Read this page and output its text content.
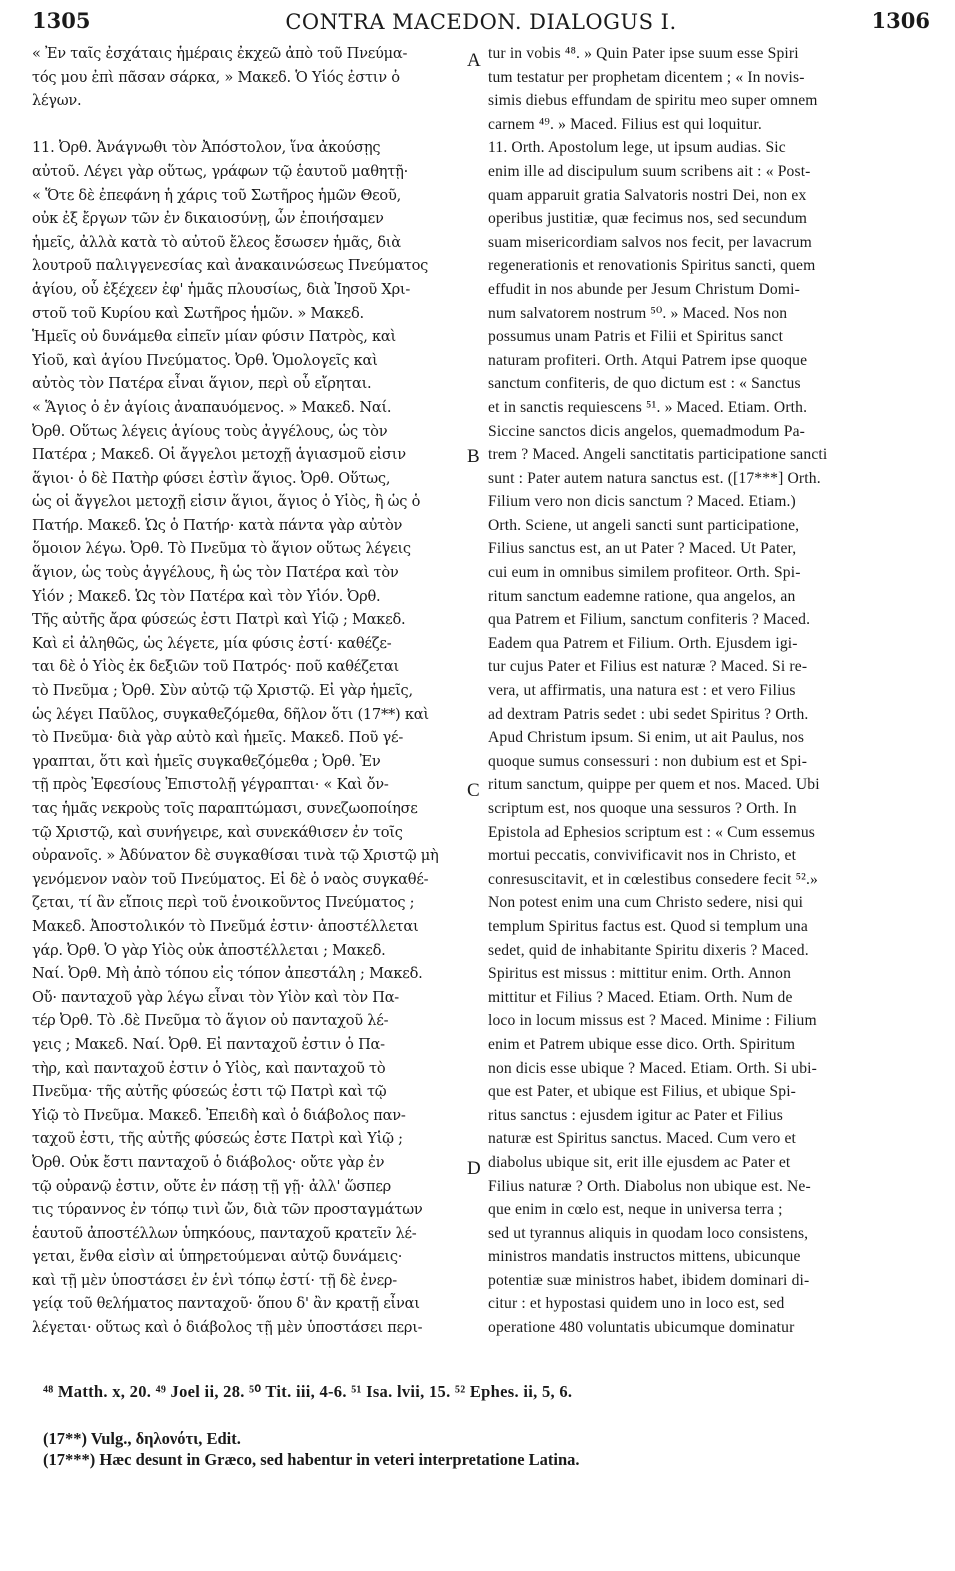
1305	CONTRA MACEDON. DIALOGUS I.	1306
« Ἐν ταῖς ἐσχάταις ἡμέραις ἐκχεῶ ἀπὸ τοῦ Πνεύμα-
τός μου ἐπὶ πᾶσαν σάρκα, » Μακεδ. Ὁ Υἱός ἐστιν ὁ
λέγων.
11. Ὀρθ. Ἀνάγνωθι τὸν Ἀπόστολον, ἵνα ἀκούσῃς
αὐτοῦ. Λέγει γὰρ οὕτως, γράφων τῷ ἑαυτοῦ μαθητῇ·
« Ὅτε δὲ ἐπεφάνη ἡ χάρις τοῦ Σωτῆρος ἡμῶν Θεοῦ,
οὐκ ἐξ ἔργων τῶν ἐν δικαιοσύνῃ, ὧν ἐποιήσαμεν
ἡμεῖς, ἀλλὰ κατὰ τὸ αὐτοῦ ἔλεος ἔσωσεν ἡμᾶς, διὰ
λουτροῦ παλιγγενεσίας καὶ ἀνακαινώσεως Πνεύματος
ἁγίου, οὗ ἐξέχεεν ἐφ' ἡμᾶς πλουσίως, διὰ Ἰησοῦ Χρι-
στοῦ τοῦ Κυρίου καὶ Σωτῆρος ἡμῶν. » Μακεδ.
Ἡμεῖς οὐ δυνάμεθα εἰπεῖν μίαν φύσιν Πατρὸς, καὶ
Υἱοῦ, καὶ ἁγίου Πνεύματος. Ὀρθ. Ὁμολογεῖς καὶ
αὐτὸς τὸν Πατέρα εἶναι ἅγιον, περὶ οὗ εἴρηται.
« Ἅγιος ὁ ἐν ἁγίοις ἀναπαυόμενος. » Μακεδ. Ναί.
Ὀρθ. Οὕτως λέγεις ἁγίους τοὺς ἀγγέλους, ὡς τὸν
Πατέρα ; Μακεδ. Οἱ ἄγγελοι μετοχῇ ἁγιασμοῦ εἰσιν
ἅγιοι· ὁ δὲ Πατὴρ φύσει ἐστὶν ἅγιος. Ὀρθ. Οὕτως,
ὡς οἱ ἄγγελοι μετοχῇ εἰσιν ἅγιοι, ἅγιος ὁ Υἱὸς, ἢ ὡς ὁ
Πατήρ. Μακεδ. Ὡς ὁ Πατήρ· κατὰ πάντα γὰρ αὐτὸν
ὅμοιον λέγω. Ὀρθ. Τὸ Πνεῦμα τὸ ἅγιον οὕτως λέγεις
ἅγιον, ὡς τοὺς ἀγγέλους, ἢ ὡς τὸν Πατέρα καὶ τὸν
Υἱόν ; Μακεδ. Ὡς τὸν Πατέρα καὶ τὸν Υἱόν. Ὀρθ.
Τῆς αὐτῆς ἄρα φύσεώς ἐστι Πατρὶ καὶ Υἱῷ ; Μακεδ.
Καὶ εἰ ἀληθῶς, ὡς λέγετε, μία φύσις ἐστί· καθέζε-
ται δὲ ὁ Υἱὸς ἐκ δεξιῶν τοῦ Πατρός· ποῦ καθέζεται
τὸ Πνεῦμα ; Ὀρθ. Σὺν αὐτῷ τῷ Χριστῷ. Εἰ γὰρ ἡμεῖς,
ὡς λέγει Παῦλος, συγκαθεζόμεθα, δῆλον ὅτι (17**) καὶ
τὸ Πνεῦμα· διὰ γὰρ αὐτὸ καὶ ἡμεῖς. Μακεδ. Ποῦ γέ-
γραπται, ὅτι καὶ ἡμεῖς συγκαθεζόμεθα ; Ὀρθ. Ἐν
τῇ πρὸς Ἐφεσίους Ἐπιστολῇ γέγραπται· « Καὶ ὄν-
τας ἡμᾶς νεκροὺς τοῖς παραπτώμασι, συνεζωοποίησε
τῷ Χριστῷ, καὶ συνήγειρε, καὶ συνεκάθισεν ἐν τοῖς
οὐρανοῖς. » Ἀδύνατον δὲ συγκαθίσαι τινὰ τῷ Χριστῷ μὴ
γενόμενον ναὸν τοῦ Πνεύματος. Εἰ δὲ ὁ ναὸς συγκαθέ-
ζεται, τί ἂν εἴποις περὶ τοῦ ἐνοικοῦντος Πνεύματος ;
Μακεδ. Ἀποστολικόν τὸ Πνεῦμά ἐστιν· ἀποστέλλεται
γάρ. Ὀρθ. Ὁ γὰρ Υἱὸς οὐκ ἀποστέλλεται ; Μακεδ.
Ναί. Ὀρθ. Μὴ ἀπὸ τόπου εἰς τόπον ἀπεστάλη ; Μακεδ.
Οὔ· πανταχοῦ γὰρ λέγω εἶναι τὸν Υἱὸν καὶ τὸν Πα-
τέρ Ὀρθ. Τὸ .δὲ Πνεῦμα τὸ ἅγιον οὐ πανταχοῦ λέ-
γεις ; Μακεδ. Ναί. Ὀρθ. Εἰ πανταχοῦ ἐστιν ὁ Πα-
τὴρ, καὶ πανταχοῦ ἐστιν ὁ Υἱὸς, καὶ πανταχοῦ τὸ
Πνεῦμα· τῆς αὐτῆς φύσεώς ἐστι τῷ Πατρὶ καὶ τῷ
Υἱῷ τὸ Πνεῦμα. Μακεδ. Ἐπειδὴ καὶ ὁ διάβολος παν-
ταχοῦ ἐστι, τῆς αὐτῆς φύσεώς ἐστε Πατρὶ καὶ Υἱῷ ;
Ὀρθ. Οὐκ ἔστι πανταχοῦ ὁ διάβολος· οὔτε γὰρ ἐν
τῷ οὐρανῷ ἐστιν, οὔτε ἐν πάσῃ τῇ γῇ· ἀλλ' ὥσπερ
τις τύραννος ἐν τόπῳ τινὶ ὤν, διὰ τῶν προσταγμάτων
ἑαυτοῦ ἀποστέλλων ὑπηκόους, πανταχοῦ κρατεῖν λέ-
γεται, ἔνθα εἰσὶν αἱ ὑπηρετούμεναι αὐτῷ δυνάμεις·
καὶ τῇ μὲν ὑποστάσει ἐν ἑνὶ τόπῳ ἐστί· τῇ δὲ ἐνερ-
γείᾳ τοῦ θελήματος πανταχοῦ· ὅπου δ' ἂν κρατῇ εἶναι
λέγεται· οὕτως καὶ ὁ διάβολος τῇ μὲν ὑποστάσει περι-
tur in vobis ⁴⁸. » Quin Pater ipse suum esse Spiri
tum testatur per prophetam dicentem ; « In novis-
simis diebus effundam de spiritu meo super omnem
carnem ⁴⁹. » Maced. Filius est qui loquitur.
11. Orth. Apostolum lege, ut ipsum audias. Sic
enim ille ad discipulum suum scribens ait : « Post-
quam apparuit gratia Salvatoris nostri Dei, non ex
operibus justitiæ, quæ fecimus nos, sed secundum
suam misericordiam salvos nos fecit, per lavacrum
regenerationis et renovationis Spiritus sancti, quem
effudit in nos abunde per Jesum Christum Domi-
num salvatorem nostrum ⁵⁰. » Maced. Nos non
possumus unam Patris et Filii et Spiritus sanct
naturam profiteri. Orth. Atqui Patrem ipse quoque
sanctum confiteris, de quo dictum est : « Sanctus
et in sanctis requiescens ⁵¹. » Maced. Etiam. Orth.
Siccine sanctos dicis angelos, quemadmodum Pa-
trem ? Maced. Angeli sanctitatis participatione sancti
sunt : Pater autem natura sanctus est. ([17***] Orth.
Filium vero non dicis sanctum ? Maced. Etiam.)
Orth. Sciene, ut angeli sancti sunt participatione,
Filius sanctus est, an ut Pater ? Maced. Ut Pater,
cui eum in omnibus similem profiteor. Orth. Spi-
ritum sanctum eademne ratione, qua angelos, an
qua Patrem et Filium, sanctum confiteris ? Maced.
Eadem qua Patrem et Filium. Orth. Ejusdem igi-
tur cujus Pater et Filius est naturæ ? Maced. Si re-
vera, ut affirmatis, una natura est : et vero Filius
ad dextram Patris sedet : ubi sedet Spiritus ? Orth.
Apud Christum ipsum. Si enim, ut ait Paulus, nos
quoque sumus consessuri : non dubium est et Spi-
ritum sanctum, quippe per quem et nos. Maced. Ubi
scriptum est, nos quoque una sessuros ? Orth. In
Epistola ad Ephesios scriptum est : « Cum essemus
mortui peccatis, convivificavit nos in Christo, et
conresuscitavit, et in cœlestibus consedere fecit ⁵².»
Non potest enim una cum Christo sedere, nisi qui
templum Spiritus factus est. Quod si templum una
sedet, quid de inhabitante Spiritu dixeris ? Maced.
Spiritus est missus : mittitur enim. Orth. Annon
mittitur et Filius ? Maced. Etiam. Orth. Num de
loco in locum missus est ? Maced. Minime : Filium
enim et Patrem ubique esse dico. Orth. Spiritum
non dicis esse ubique ? Maced. Etiam. Orth. Si ubi-
que est Pater, et ubique est Filius, et ubique Spi-
ritus sanctus : ejusdem igitur ac Pater et Filius
naturæ est Spiritus sanctus. Maced. Cum vero et
diabolus ubique sit, erit ille ejusdem ac Pater et
Filius naturæ ? Orth. Diabolus non ubique est. Ne-
que enim in cœlo est, neque in universa terra ;
sed ut tyrannus aliquis in quodam loco consistens,
ministros mandatis instructos mittens, ubicunque
potentiæ suæ ministros habet, ibidem dominari di-
citur : et hypostasi quidem uno in loco est, sed
operatione 480 voluntatis ubicumque dominatur
A
B
C
D
⁴⁸ Matth. x, 20. ⁴⁹ Joel ii, 28. ⁵⁰ Tit. iii, 4-6. ⁵¹ Isa. lvii, 15. ⁵² Ephes. ii, 5, 6.
(17**) Vulg., δηλονότι, Edit.
(17***) Hæc desunt in Græco, sed habentur in veteri interpretatione Latina.
